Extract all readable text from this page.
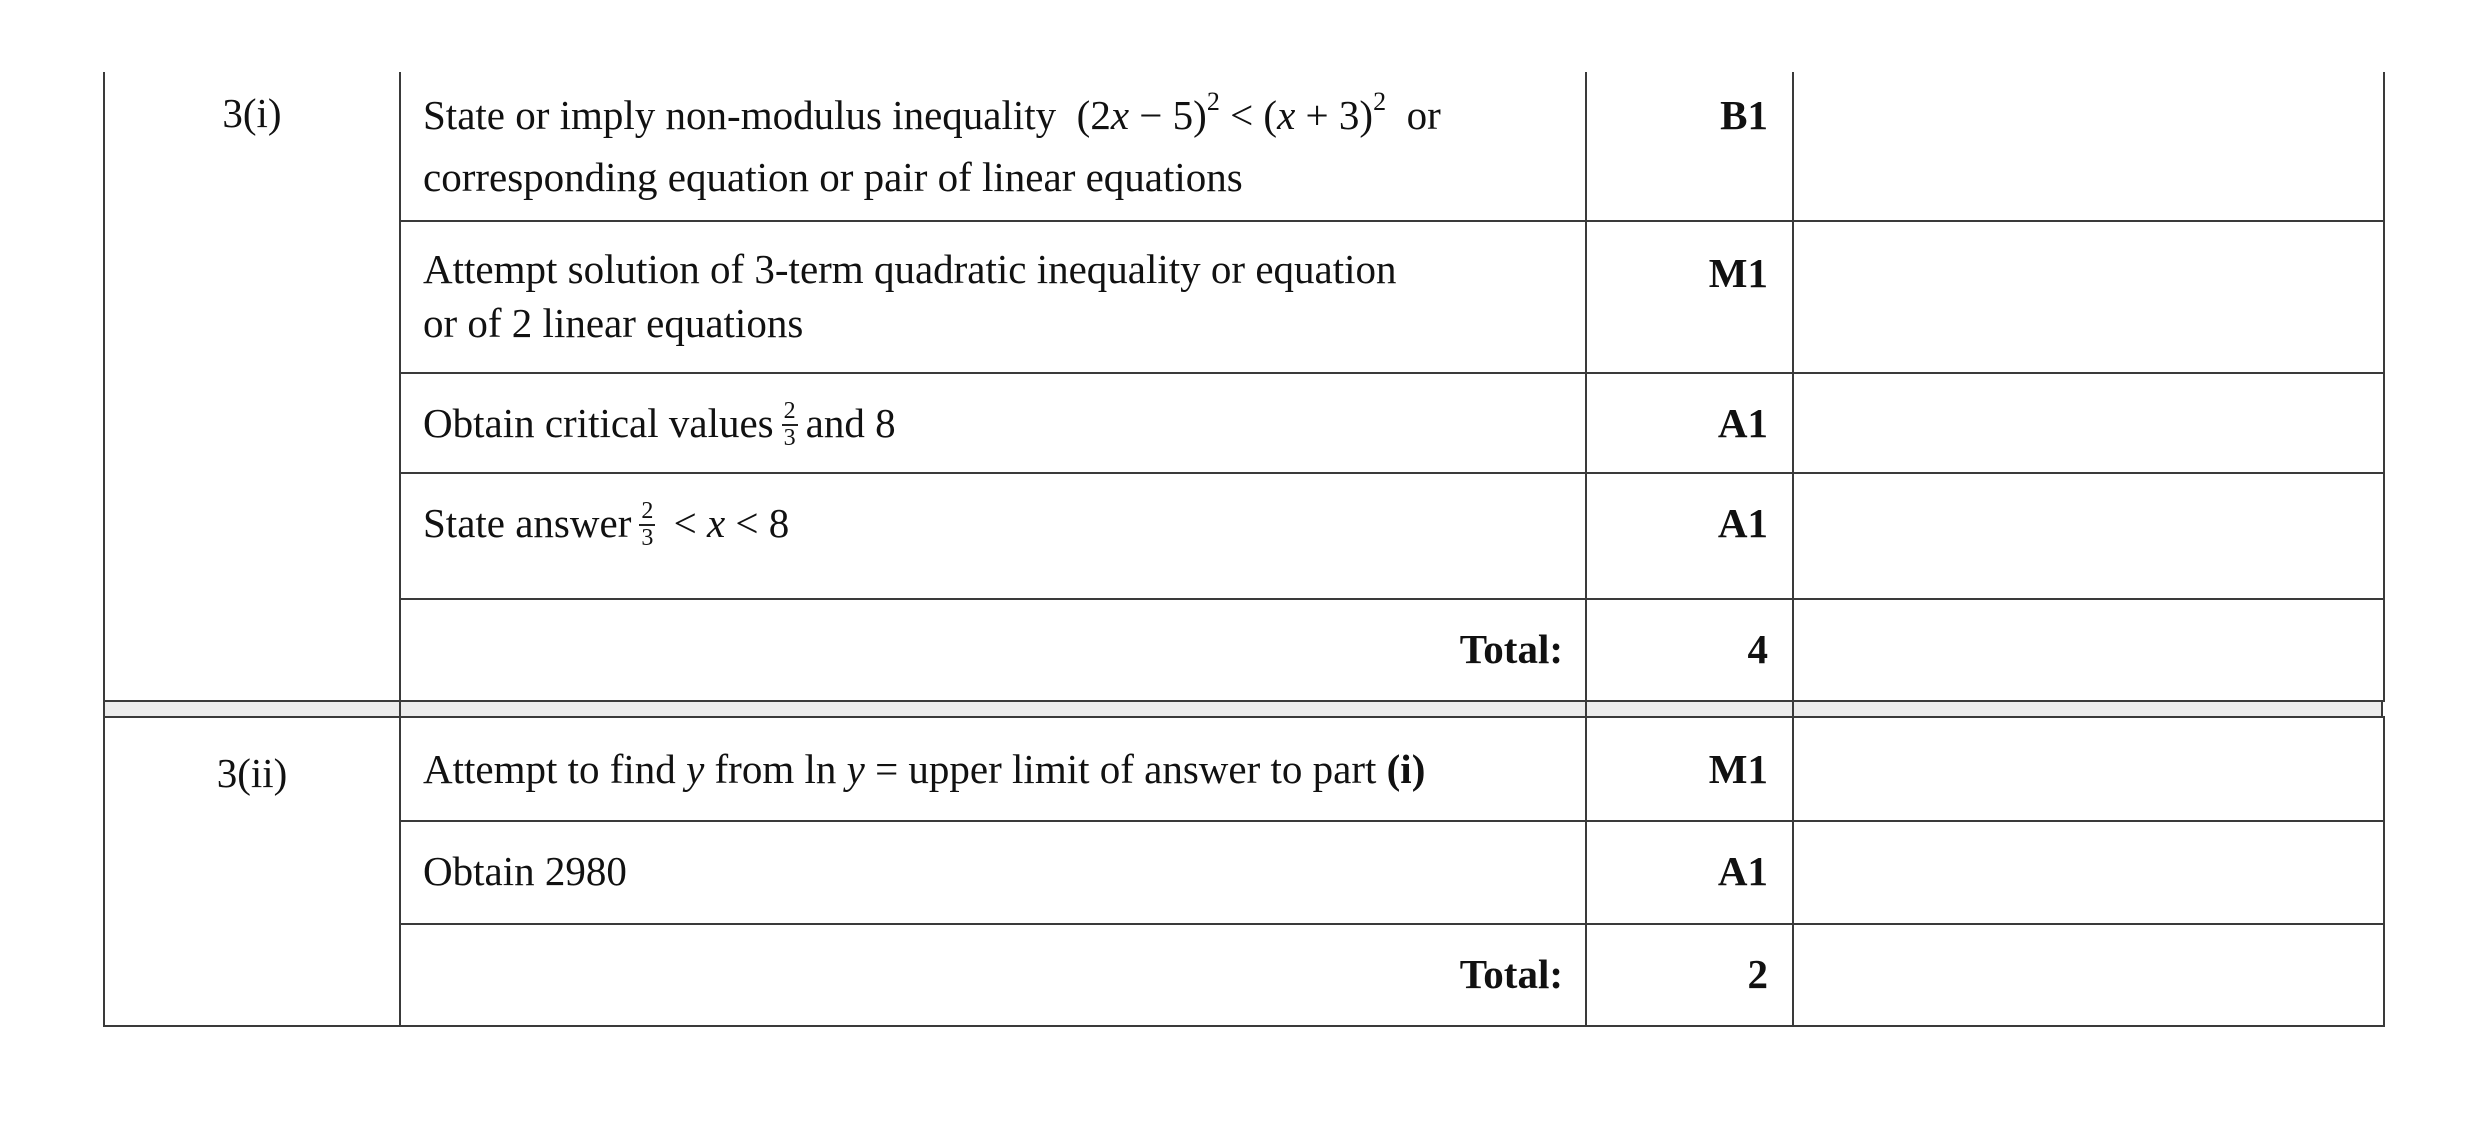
3(i)	State or imply non-modulus inequality $(2x - 5)^2 < (x + 3)^2$ or
corresponding equation or pair of linear equations	B1	
	Attempt solution of 3-term quadratic inequality or equation
or of 2 linear equations	M1	
	Obtain critical values $\frac{2}{3}$ and 8	A1	
	State answer $\frac{2}{3} < x < 8$	A1	
	Total:	4	
3(ii)	Attempt to find y from ln y = upper limit of answer to part (i)	M1	
	Obtain 2980	A1	
	Total:	2	
